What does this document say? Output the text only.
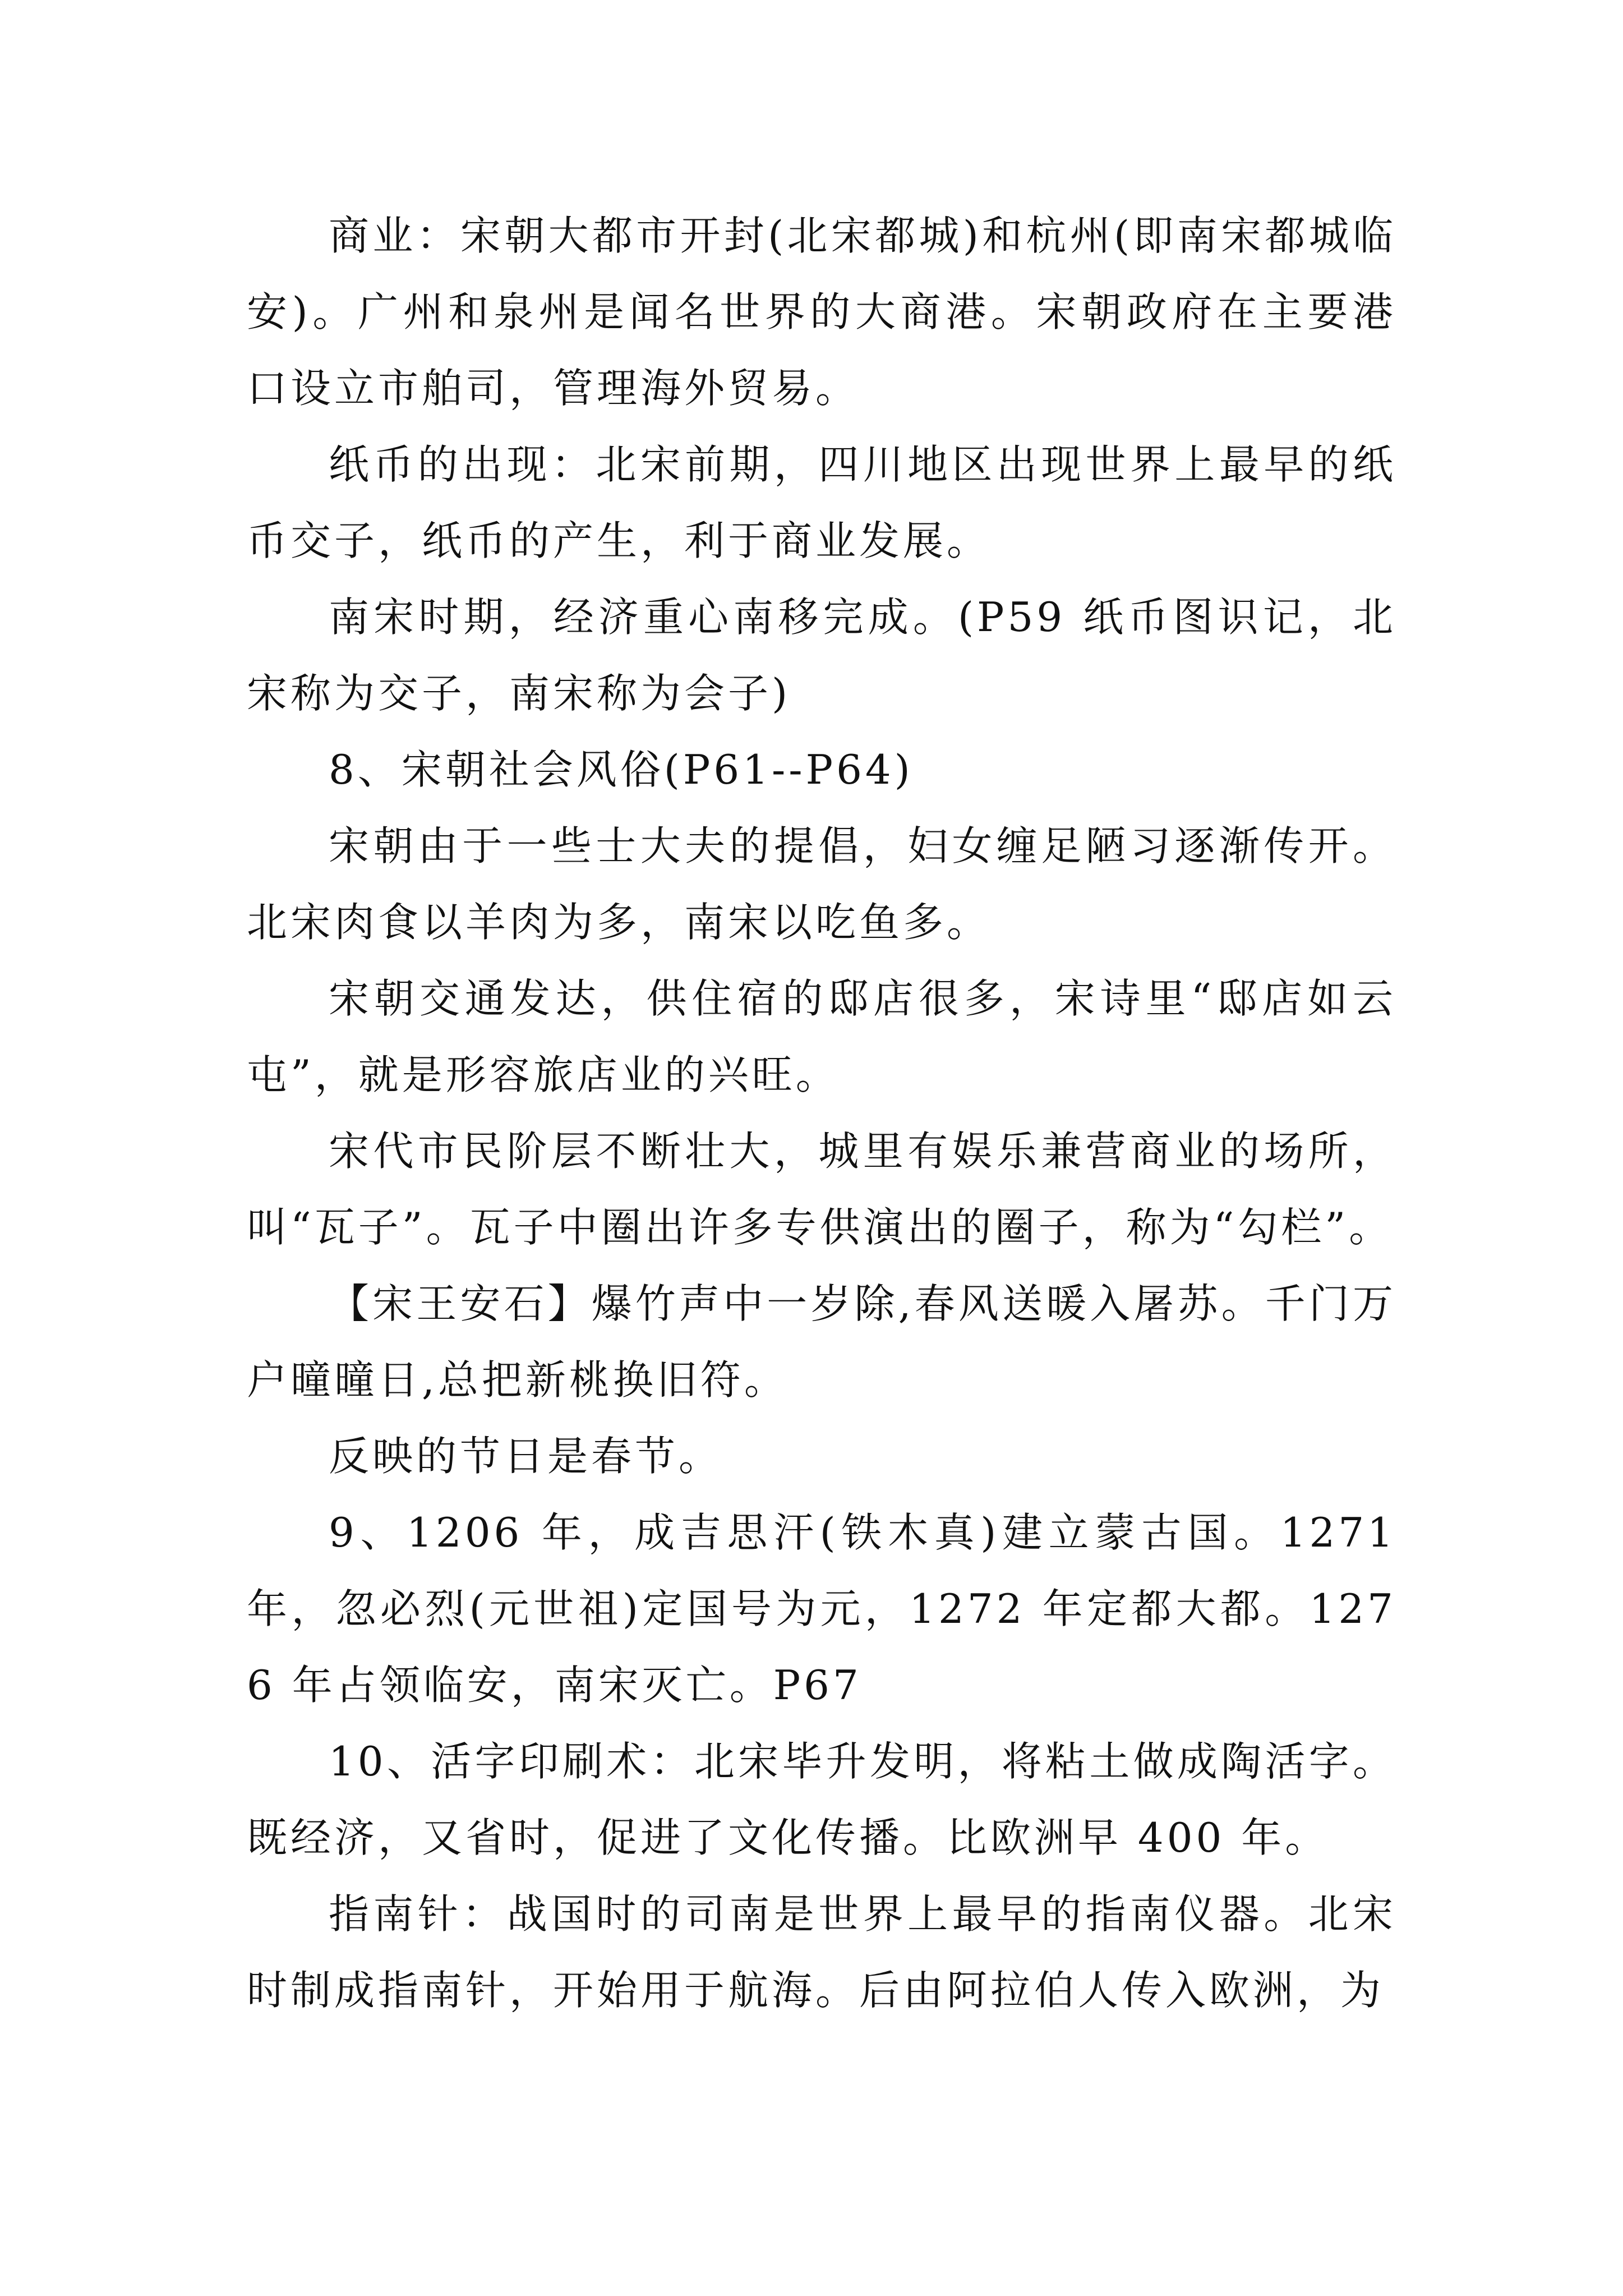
商业：宋朝大都市开封(北宋都城)和杭州(即南宋都城临安)。广州和泉州是闻名世界的大商港。宋朝政府在主要港口设立市舶司，管理海外贸易。

纸币的出现：北宋前期，四川地区出现世界上最早的纸币交子，纸币的产生，利于商业发展。

南宋时期，经济重心南移完成。(P59 纸币图识记，北宋称为交子，南宋称为会子)

8、宋朝社会风俗(P61--P64)

宋朝由于一些士大夫的提倡，妇女缠足陋习逐渐传开。北宋肉食以羊肉为多，南宋以吃鱼多。

宋朝交通发达，供住宿的邸店很多，宋诗里“邸店如云屯”，就是形容旅店业的兴旺。

宋代市民阶层不断壮大，城里有娱乐兼营商业的场所，叫“瓦子”。瓦子中圈出许多专供演出的圈子，称为“勾栏”。

【宋王安石】爆竹声中一岁除,春风送暖入屠苏。千门万户曈曈日,总把新桃换旧符。

反映的节日是春节。

9、1206 年，成吉思汗(铁木真)建立蒙古国。1271 年，忽必烈(元世祖)定国号为元，1272 年定都大都。1276 年占领临安，南宋灭亡。P67

10、活字印刷术：北宋毕升发明，将粘土做成陶活字。既经济，又省时，促进了文化传播。比欧洲早 400 年。

指南针：战国时的司南是世界上最早的指南仪器。北宋时制成指南针，开始用于航海。后由阿拉伯人传入欧洲，为
